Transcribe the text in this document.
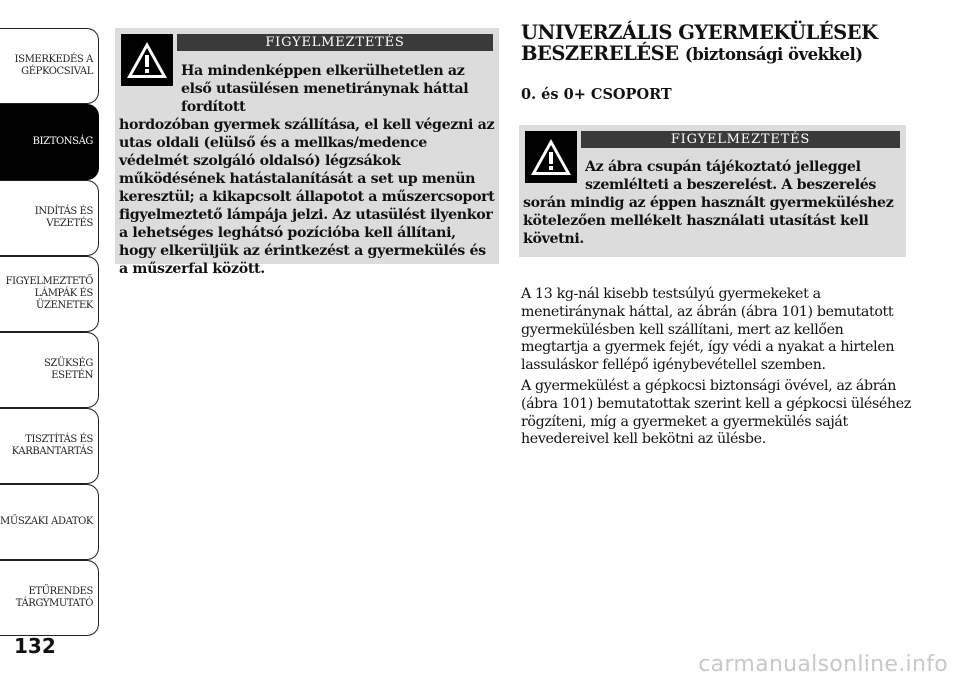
ISMERKEDÉS A
GÉPKOCSIVAL
BIZTONSÁG
INDÍTÁS ÉS
VEZETÉS
FIGYELMEZTETŐ
LÁMPÁK ÉS
ÜZENETEK
SZÜKSÉG ESETÉN
TISZTÍTÁS ÉS
KARBANTARTÁS
MŰSZAKI ADATOK
ETŰRENDES
TÁRGYMUTATÓ
132
FIGYELMEZTETÉS
Ha mindenképpen elkerülhetetlen az első utasülésen menetiránynak háttal fordított
hordozóban gyermek szállítása, el kell végezni az utas oldali (elülső és a mellkas/medence védelmét szolgáló oldalsó) légzsákok működésének hatástalanítását a set up menün keresztül; a kikapcsolt állapotot a műszercsoport figyelmeztető lámpája jelzi. Az utasülést ilyenkor a lehetséges leghátsó pozícióba kell állítani, hogy elkerüljük az érintkezést a gyermekülés és a műszerfal között.
UNIVERZÁLIS GYERMEKÜLÉSEK BESZERELÉSE (biztonsági övekkel)
0. és 0+ CSOPORT
FIGYELMEZTETÉS
Az ábra csupán tájékoztató jelleggel szemlélteti a beszerelést. A beszerelés
során mindig az éppen használt gyermeküléshez kötelezően mellékelt használati utasítást kell követni.

A 13 kg-nál kisebb testsúlyú gyermekeket a menetiránynak háttal, az ábrán (ábra 101) bemutatott gyermekülésben kell szállítani, mert az kellően megtartja a gyermek fejét, így védi a nyakat a hirtelen lassuláskor fellépő igénybevétellel szemben.

A gyermekülést a gépkocsi biztonsági övével, az ábrán (ábra 101) bemutatottak szerint kell a gépkocsi üléséhez rögzíteni, míg a gyermeket a gyermekülés saját hevedereivel kell bekötni az ülésbe.

carmanualsonline.info
